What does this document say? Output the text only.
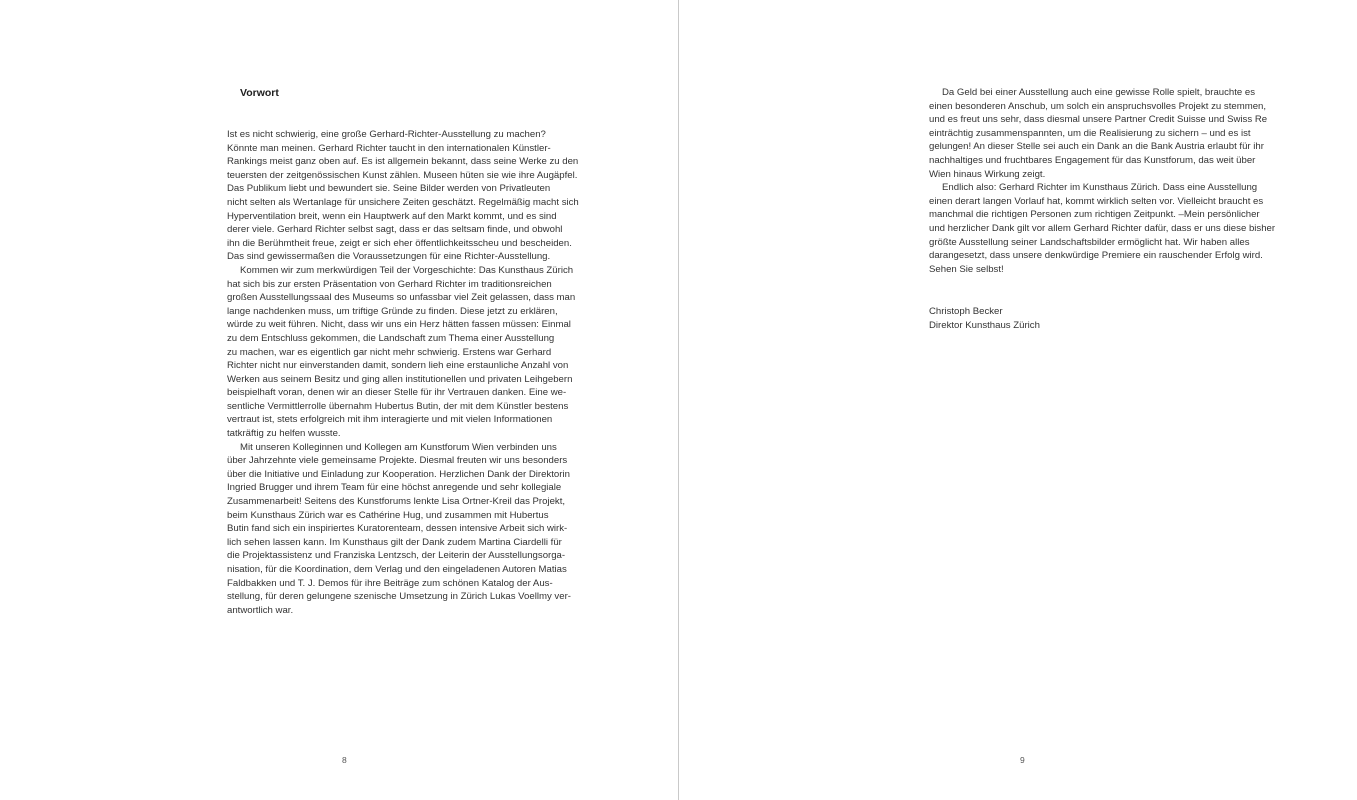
Vorwort
Ist es nicht schwierig, eine große Gerhard-Richter-Ausstellung zu machen?
Könnte man meinen. Gerhard Richter taucht in den internationalen Künstler-
Rankings meist ganz oben auf. Es ist allgemein bekannt, dass seine Werke zu den
teuersten der zeitgenössischen Kunst zählen. Museen hüten sie wie ihre Augäpfel.
Das Publikum liebt und bewundert sie. Seine Bilder werden von Privatleuten
nicht selten als Wertanlage für unsichere Zeiten geschätzt. Regelmäßig macht sich
Hyperventilation breit, wenn ein Hauptwerk auf den Markt kommt, und es sind
derer viele. Gerhard Richter selbst sagt, dass er das seltsam finde, und obwohl
ihn die Berühmtheit freue, zeigt er sich eher öffentlichkeitsscheu und bescheiden.
Das sind gewissermaßen die Voraussetzungen für eine Richter-Ausstellung.
Kommen wir zum merkwürdigen Teil der Vorgeschichte: Das Kunsthaus Zürich
hat sich bis zur ersten Präsentation von Gerhard Richter im traditionsreichen
großen Ausstellungssaal des Museums so unfassbar viel Zeit gelassen, dass man
lange nachdenken muss, um triftige Gründe zu finden. Diese jetzt zu erklären,
würde zu weit führen. Nicht, dass wir uns ein Herz hätten fassen müssen: Einmal
zu dem Entschluss gekommen, die Landschaft zum Thema einer Ausstellung
zu machen, war es eigentlich gar nicht mehr schwierig. Erstens war Gerhard
Richter nicht nur einverstanden damit, sondern lieh eine erstaunliche Anzahl von
Werken aus seinem Besitz und ging allen institutionellen und privaten Leihgebern
beispielhaft voran, denen wir an dieser Stelle für ihr Vertrauen danken. Eine we-
sentliche Vermittlerrolle übernahm Hubertus Butin, der mit dem Künstler bestens
vertraut ist, stets erfolgreich mit ihm interagierte und mit vielen Informationen
tatkräftig zu helfen wusste.
Mit unseren Kolleginnen und Kollegen am Kunstforum Wien verbinden uns
über Jahrzehnte viele gemeinsame Projekte. Diesmal freuten wir uns besonders
über die Initiative und Einladung zur Kooperation. Herzlichen Dank der Direktorin
Ingried Brugger und ihrem Team für eine höchst anregende und sehr kollegiale
Zusammenarbeit! Seitens des Kunstforums lenkte Lisa Ortner-Kreil das Projekt,
beim Kunsthaus Zürich war es Cathérine Hug, und zusammen mit Hubertus
Butin fand sich ein inspiriertes Kuratorenteam, dessen intensive Arbeit sich wirk-
lich sehen lassen kann. Im Kunsthaus gilt der Dank zudem Martina Ciardelli für
die Projektassistenz und Franziska Lentzsch, der Leiterin der Ausstellungsorga-
nisation, für die Koordination, dem Verlag und den eingeladenen Autoren Matias
Faldbakken und T. J. Demos für ihre Beiträge zum schönen Katalog der Aus-
stellung, für deren gelungene szenische Umsetzung in Zürich Lukas Voellmy ver-
antwortlich war.
8
Da Geld bei einer Ausstellung auch eine gewisse Rolle spielt, brauchte es
einen besonderen Anschub, um solch ein anspruchsvolles Projekt zu stemmen,
und es freut uns sehr, dass diesmal unsere Partner Credit Suisse und Swiss Re
einträchtig zusammenspannten, um die Realisierung zu sichern – und es ist
gelungen! An dieser Stelle sei auch ein Dank an die Bank Austria erlaubt für ihr
nachhaltiges und fruchtbares Engagement für das Kunstforum, das weit über
Wien hinaus Wirkung zeigt.
Endlich also: Gerhard Richter im Kunsthaus Zürich. Dass eine Ausstellung
einen derart langen Vorlauf hat, kommt wirklich selten vor. Vielleicht braucht es
manchmal die richtigen Personen zum richtigen Zeitpunkt. –Mein persönlicher
und herzlicher Dank gilt vor allem Gerhard Richter dafür, dass er uns diese bisher
größte Ausstellung seiner Landschaftsbilder ermöglicht hat. Wir haben alles
darangesetzt, dass unsere denkwürdige Premiere ein rauschender Erfolg wird.
Sehen Sie selbst!
Christoph Becker
Direktor Kunsthaus Zürich
9
